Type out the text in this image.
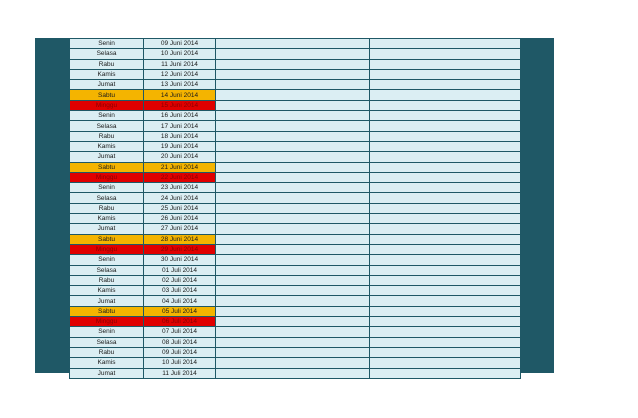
Senin	09 Juni 2014		
Selasa	10 Juni 2014		
Rabu	11 Juni 2014		
Kamis	12 Juni 2014		
Jumat	13 Juni 2014		
Sabtu	14 Juni 2014		
Minggu	15 Juni 2014		
Senin	16 Juni 2014		
Selasa	17 Juni 2014		
Rabu	18 Juni 2014		
Kamis	19 Juni 2014		
Jumat	20 Juni 2014		
Sabtu	21 Juni 2014		
Minggu	22 Juni 2014		
Senin	23 Juni 2014		
Selasa	24 Juni 2014		
Rabu	25 Juni 2014		
Kamis	26 Juni 2014		
Jumat	27 Juni 2014		
Sabtu	28 Juni 2014		
Minggu	29 Juni 2014		
Senin	30 Juni 2014		
Selasa	01 Juli 2014		
Rabu	02 Juli 2014		
Kamis	03 Juli 2014		
Jumat	04 Juli 2014		
Sabtu	05 Juli 2014		
Minggu	06 Juli 2014		
Senin	07 Juli 2014		
Selasa	08 Juli 2014		
Rabu	09 Juli 2014		
Kamis	10 Juli 2014		
Jumat	11 Juli 2014		
